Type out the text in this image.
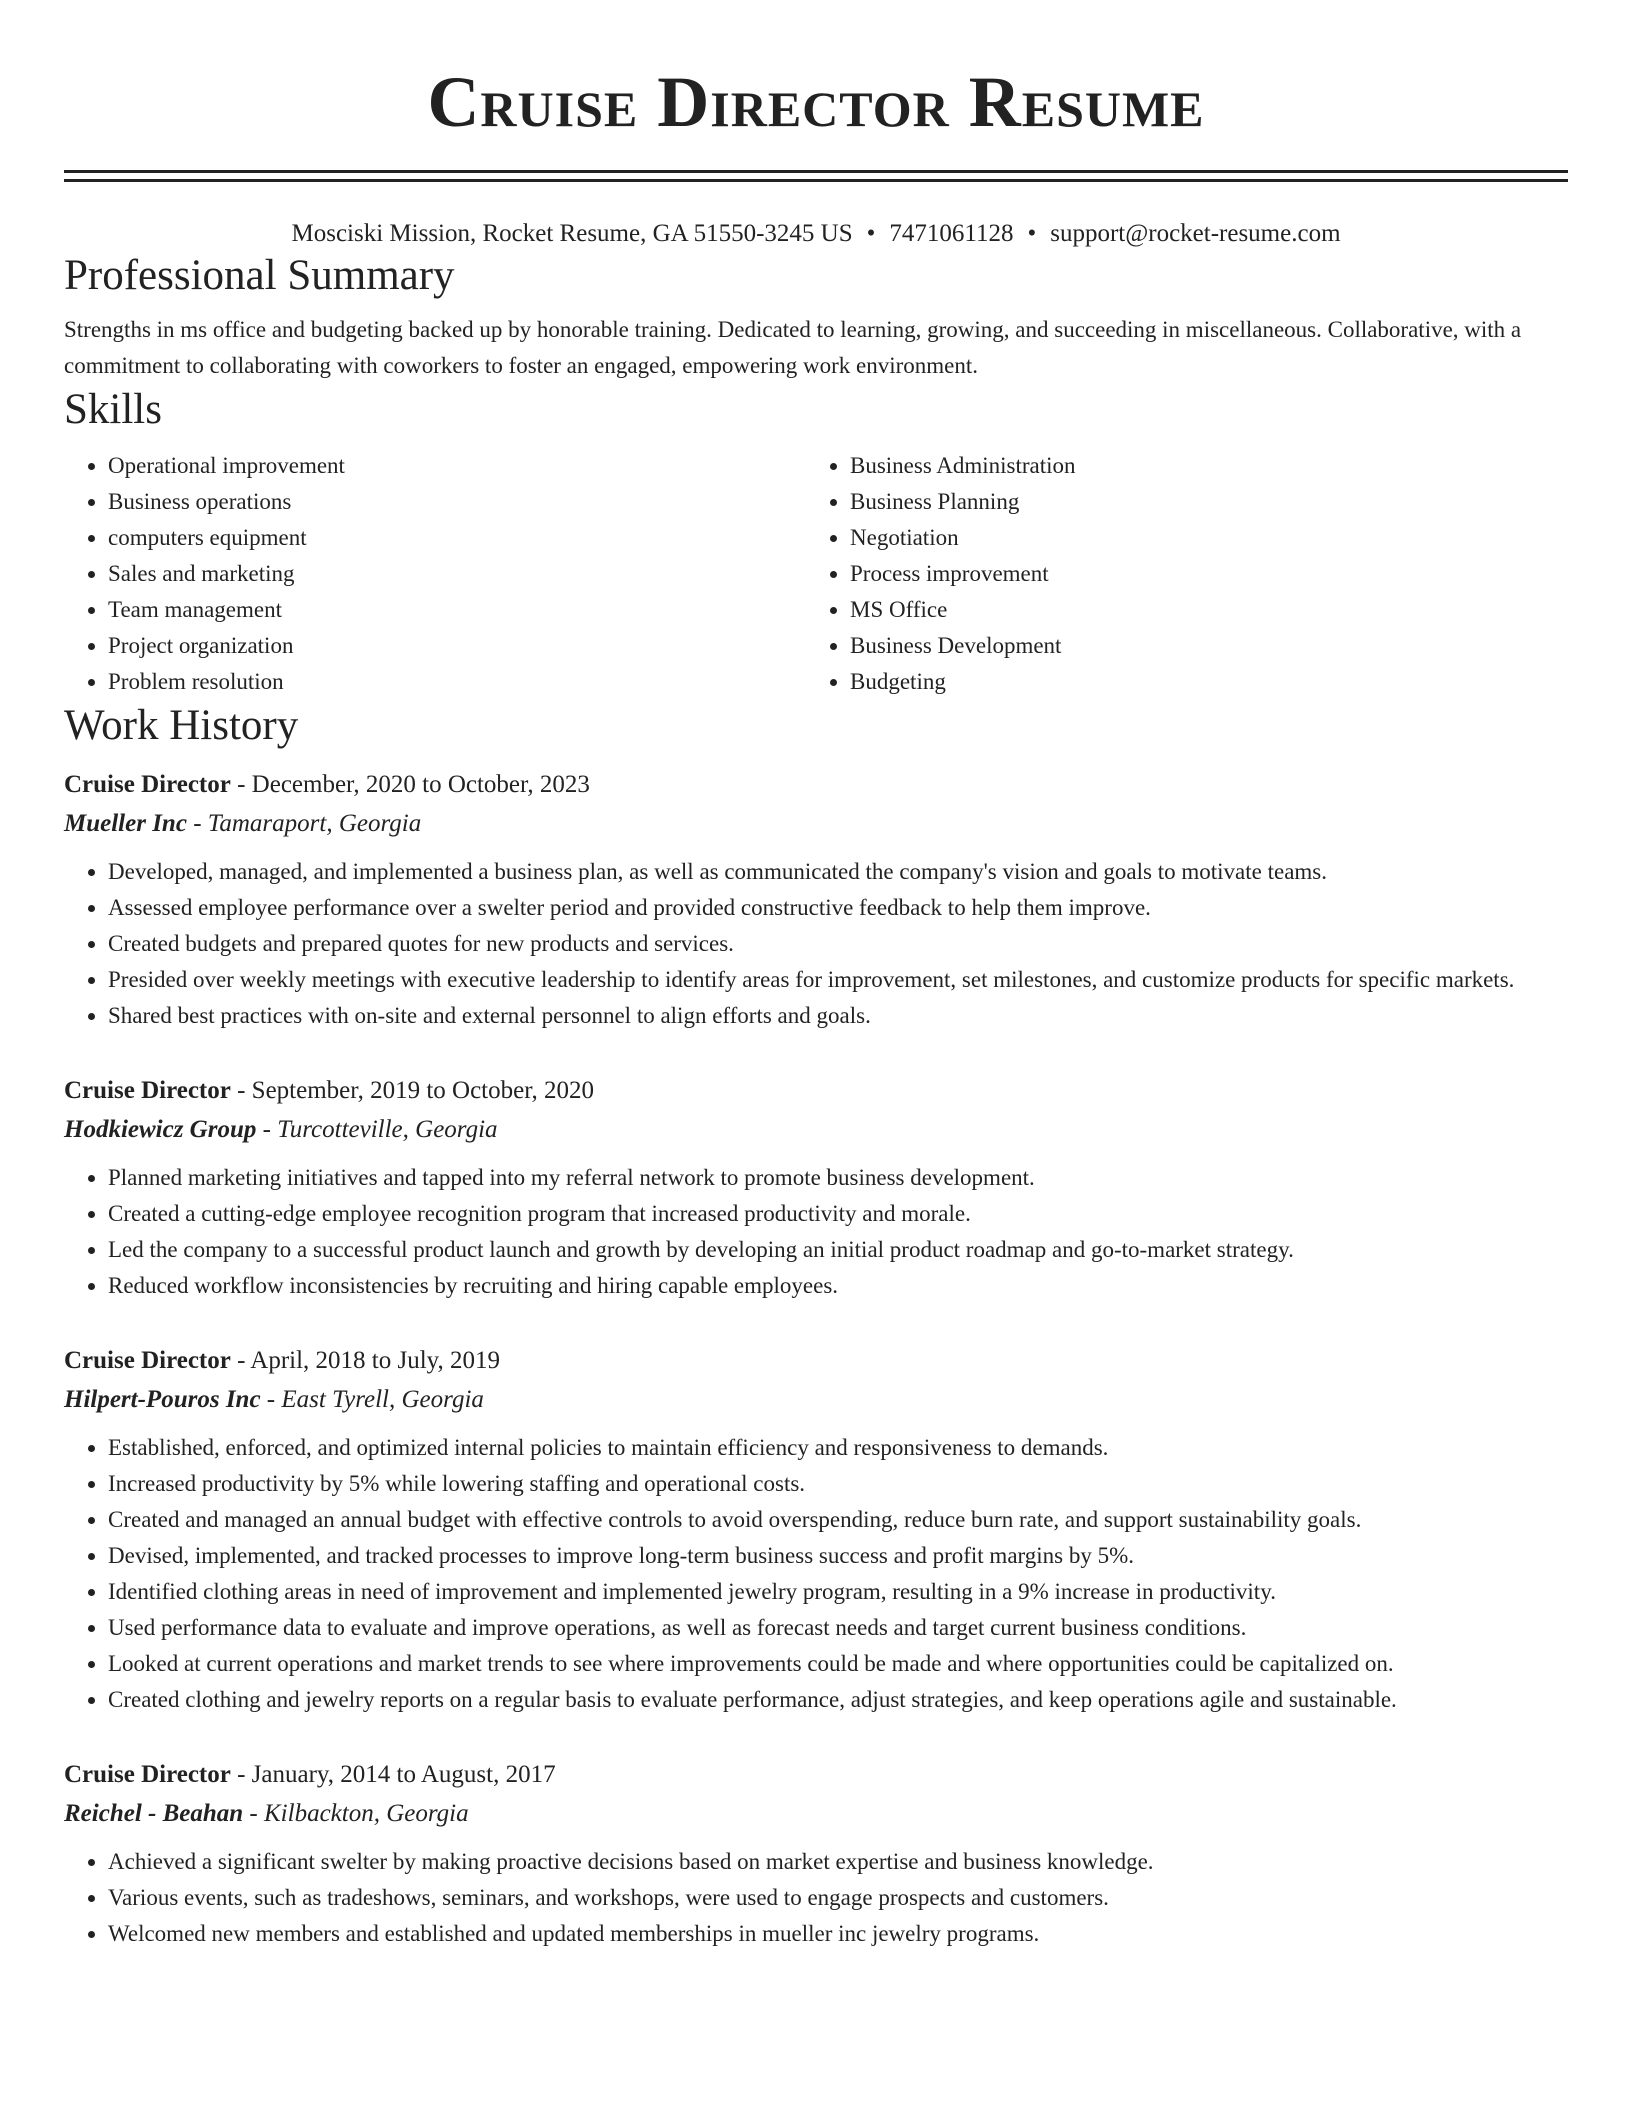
Cruise Director Resume
Mosciski Mission, Rocket Resume, GA 51550-3245 US • 7471061128 • support@rocket-resume.com
Professional Summary
Strengths in ms office and budgeting backed up by honorable training. Dedicated to learning, growing, and succeeding in miscellaneous. Collaborative, with a commitment to collaborating with coworkers to foster an engaged, empowering work environment.
Skills
• Operational improvement
• Business operations
• computers equipment
• Sales and marketing
• Team management
• Project organization
• Problem resolution
• Business Administration
• Business Planning
• Negotiation
• Process improvement
• MS Office
• Business Development
• Budgeting
Work History
Cruise Director - December, 2020 to October, 2023
Mueller Inc - Tamaraport, Georgia
• Developed, managed, and implemented a business plan, as well as communicated the company's vision and goals to motivate teams.
• Assessed employee performance over a swelter period and provided constructive feedback to help them improve.
• Created budgets and prepared quotes for new products and services.
• Presided over weekly meetings with executive leadership to identify areas for improvement, set milestones, and customize products for specific markets.
• Shared best practices with on-site and external personnel to align efforts and goals.
Cruise Director - September, 2019 to October, 2020
Hodkiewicz Group - Turcotteville, Georgia
• Planned marketing initiatives and tapped into my referral network to promote business development.
• Created a cutting-edge employee recognition program that increased productivity and morale.
• Led the company to a successful product launch and growth by developing an initial product roadmap and go-to-market strategy.
• Reduced workflow inconsistencies by recruiting and hiring capable employees.
Cruise Director - April, 2018 to July, 2019
Hilpert-Pouros Inc - East Tyrell, Georgia
• Established, enforced, and optimized internal policies to maintain efficiency and responsiveness to demands.
• Increased productivity by 5% while lowering staffing and operational costs.
• Created and managed an annual budget with effective controls to avoid overspending, reduce burn rate, and support sustainability goals.
• Devised, implemented, and tracked processes to improve long-term business success and profit margins by 5%.
• Identified clothing areas in need of improvement and implemented jewelry program, resulting in a 9% increase in productivity.
• Used performance data to evaluate and improve operations, as well as forecast needs and target current business conditions.
• Looked at current operations and market trends to see where improvements could be made and where opportunities could be capitalized on.
• Created clothing and jewelry reports on a regular basis to evaluate performance, adjust strategies, and keep operations agile and sustainable.
Cruise Director - January, 2014 to August, 2017
Reichel - Beahan - Kilbackton, Georgia
• Achieved a significant swelter by making proactive decisions based on market expertise and business knowledge.
• Various events, such as tradeshows, seminars, and workshops, were used to engage prospects and customers.
• Welcomed new members and established and updated memberships in mueller inc jewelry programs.
